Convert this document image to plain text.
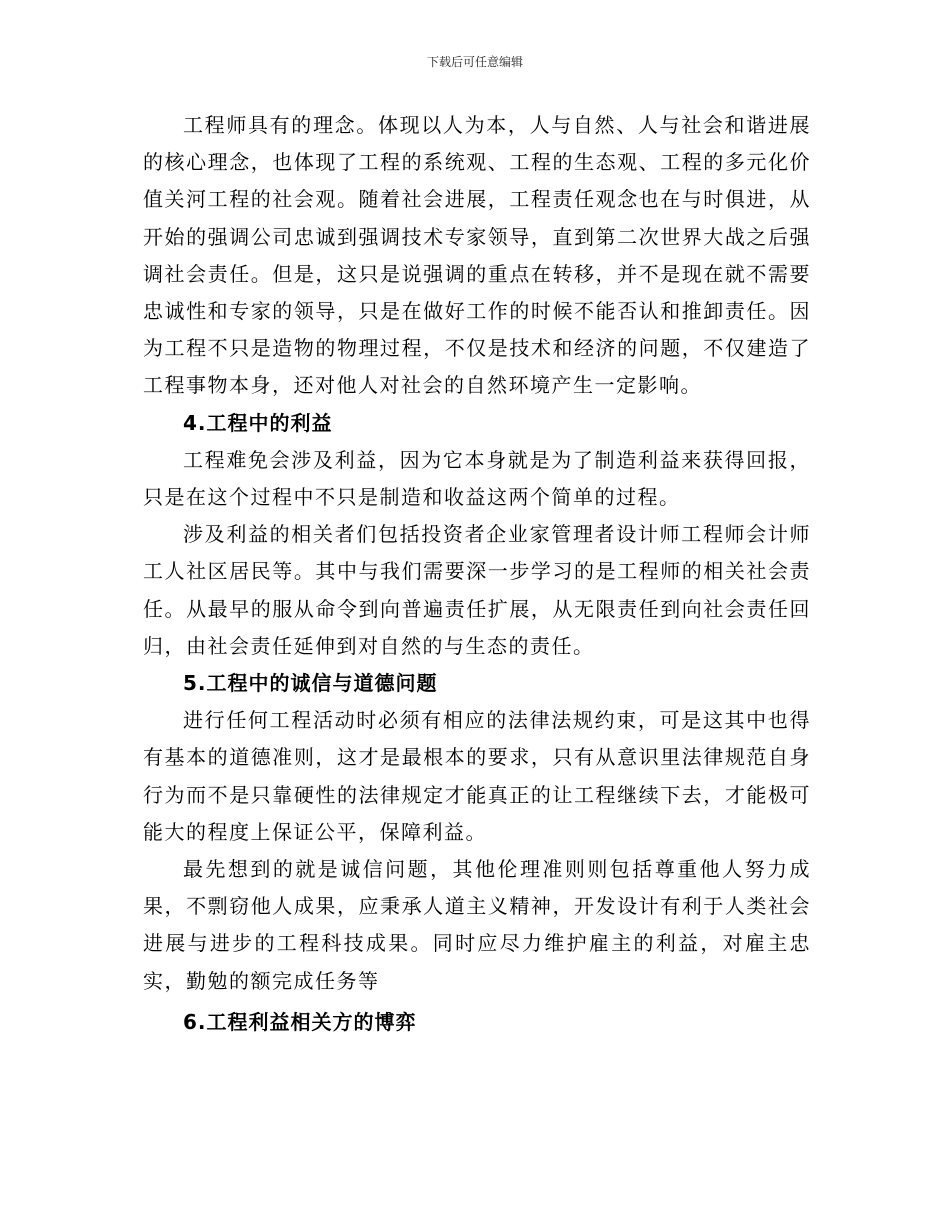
下载后可任意编辑

工程师具有的理念。体现以人为本，人与自然、人与社会和谐进展的核心理念，也体现了工程的系统观、工程的生态观、工程的多元化价值关河工程的社会观。随着社会进展，工程责任观念也在与时俱进，从开始的强调公司忠诚到强调技术专家领导，直到第二次世界大战之后强调社会责任。但是，这只是说强调的重点在转移，并不是现在就不需要忠诚性和专家的领导，只是在做好工作的时候不能否认和推卸责任。因为工程不只是造物的物理过程，不仅是技术和经济的问题，不仅建造了工程事物本身，还对他人对社会的自然环境产生一定影响。

4.工程中的利益

工程难免会涉及利益，因为它本身就是为了制造利益来获得回报，只是在这个过程中不只是制造和收益这两个简单的过程。

涉及利益的相关者们包括投资者企业家管理者设计师工程师会计师工人社区居民等。其中与我们需要深一步学习的是工程师的相关社会责任。从最早的服从命令到向普遍责任扩展，从无限责任到向社会责任回归，由社会责任延伸到对自然的与生态的责任。

5.工程中的诚信与道德问题

进行任何工程活动时必须有相应的法律法规约束，可是这其中也得有基本的道德准则，这才是最根本的要求，只有从意识里法律规范自身行为而不是只靠硬性的法律规定才能真正的让工程继续下去，才能极可能大的程度上保证公平，保障利益。

最先想到的就是诚信问题，其他伦理准则则包括尊重他人努力成果，不剽窃他人成果，应秉承人道主义精神，开发设计有利于人类社会进展与进步的工程科技成果。同时应尽力维护雇主的利益，对雇主忠实，勤勉的额完成任务等

6.工程利益相关方的博弈
